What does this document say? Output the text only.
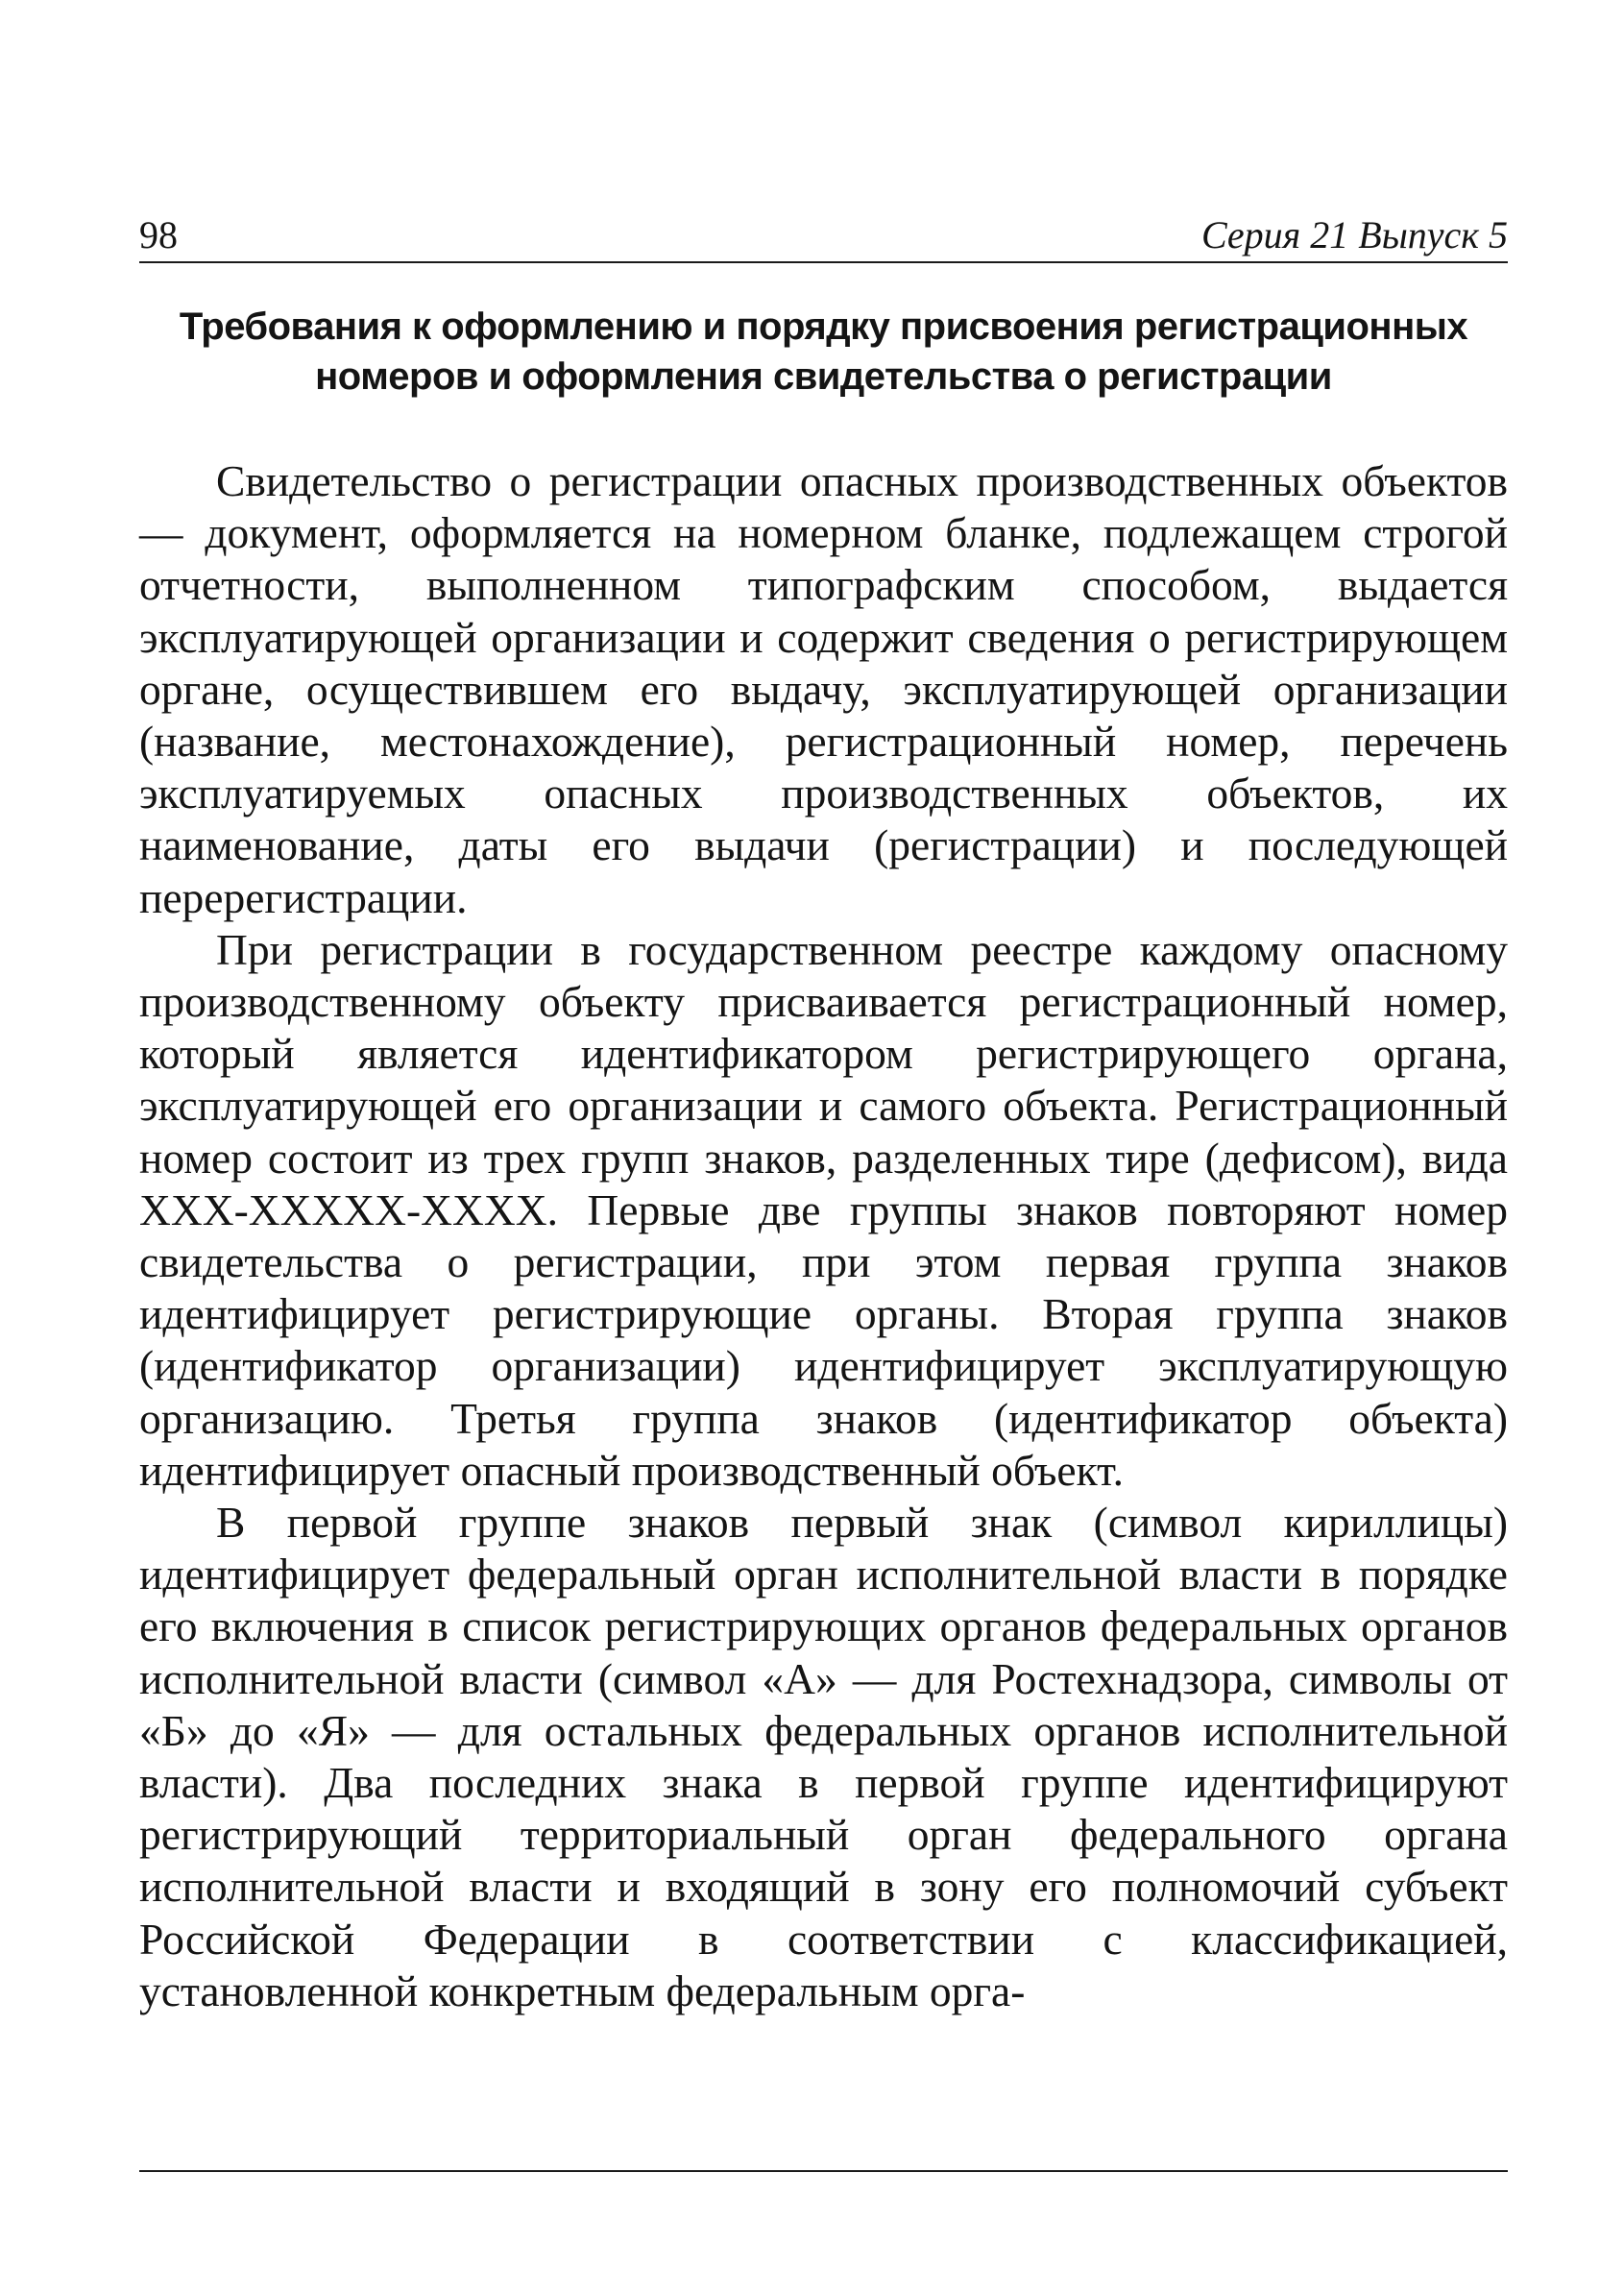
98	Серия 21 Выпуск 5
Требования к оформлению и порядку присвоения регистрационных
номеров и оформления свидетельства о регистрации

Свидетельство о регистрации опасных производственных объектов — документ, оформляется на номерном бланке, подлежащем строгой отчетности, выполненном типографским способом, выдается эксплуатирующей организации и содержит сведения о регистрирующем органе, осуществившем его выдачу, эксплуатирующей организации (название, местонахождение), регистрационный номер, перечень эксплуатируемых опасных производственных объектов, их наименование, даты его выдачи (регистрации) и последующей перерегистрации.

При регистрации в государственном реестре каждому опасному производственному объекту присваивается регистрационный номер, который является идентификатором регистрирующего органа, эксплуатирующей его организации и самого объекта. Регистрационный номер состоит из трех групп знаков, разделенных тире (дефисом), вида ХХХ-ХХХХХ-ХХХХ. Первые две группы знаков повторяют номер свидетельства о регистрации, при этом первая группа знаков идентифицирует регистрирующие органы. Вторая группа знаков (идентификатор организации) идентифицирует эксплуатирующую организацию. Третья группа знаков (идентификатор объекта) идентифицирует опасный производственный объект.

В первой группе знаков первый знак (символ кириллицы) идентифицирует федеральный орган исполнительной власти в порядке его включения в список регистрирующих органов федеральных органов исполнительной власти (символ «А» — для Ростехнадзора, символы от «Б» до «Я» — для остальных федеральных органов исполнительной власти). Два последних знака в первой группе идентифицируют регистрирующий территориальный орган федерального органа исполнительной власти и входящий в зону его полномочий субъект Российской Федерации в соответствии с классификацией, установленной конкретным федеральным орга-
